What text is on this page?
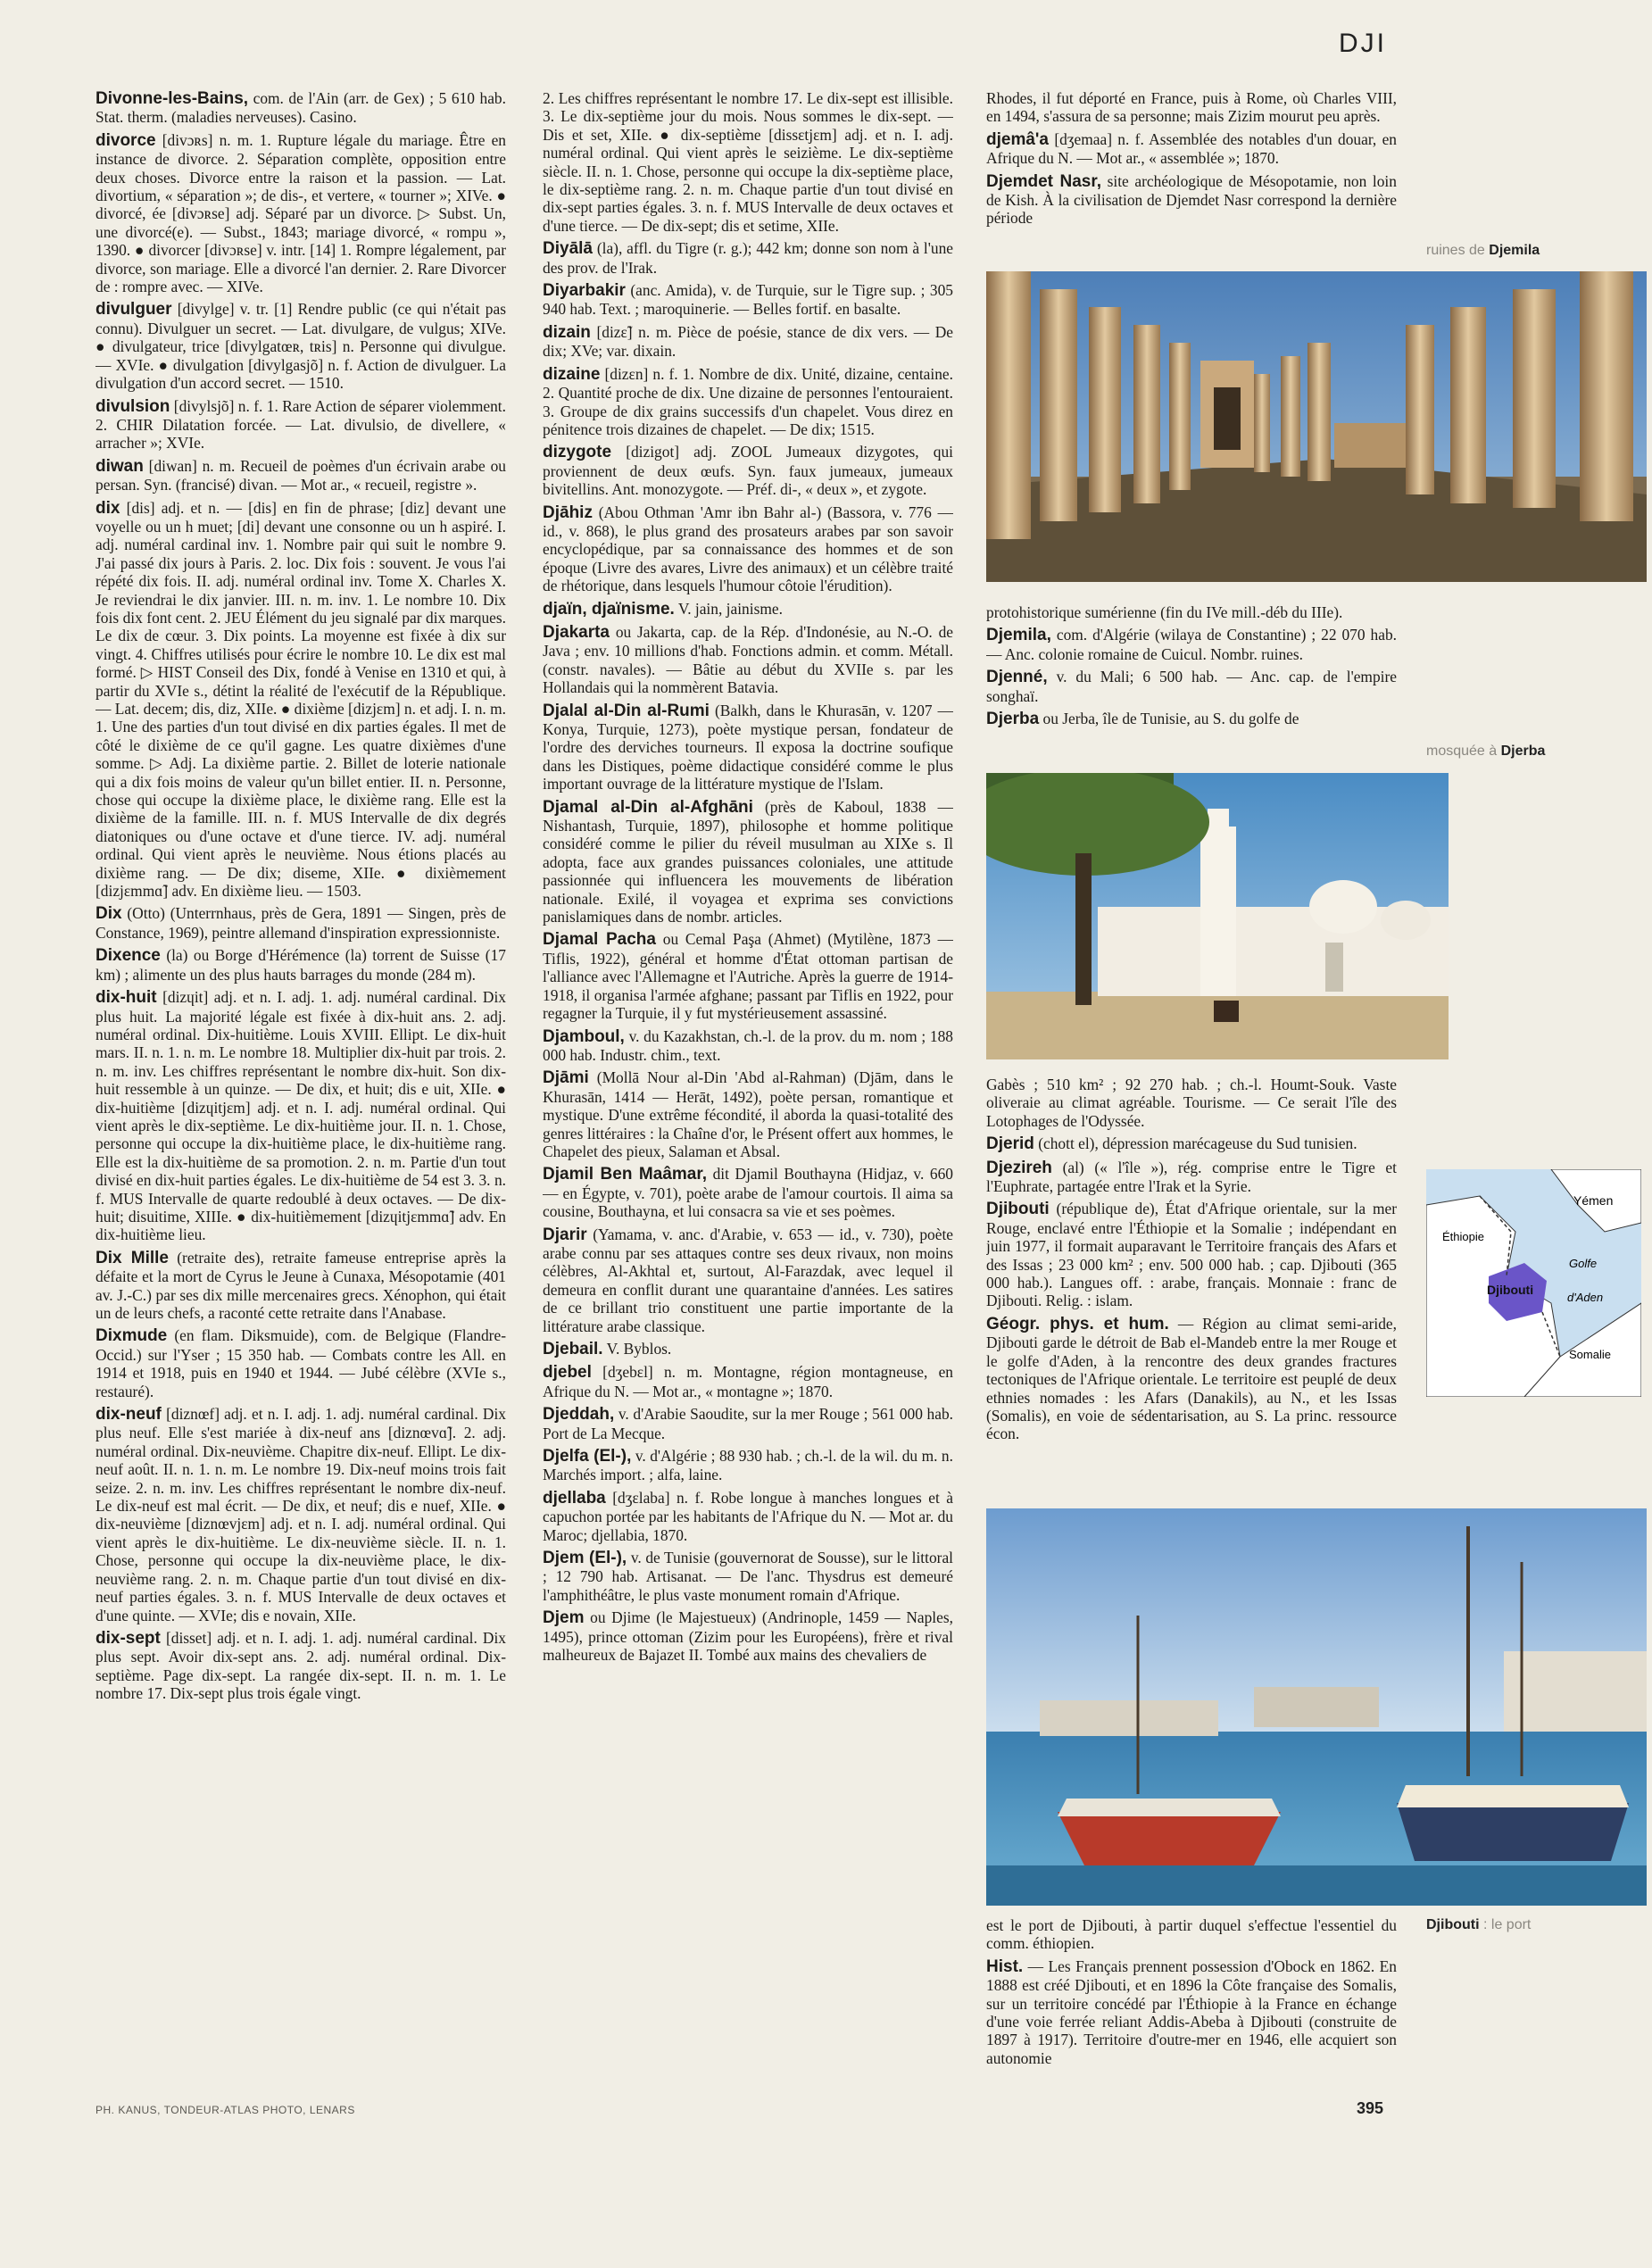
DJI

Divonne-les-Bains, com. de l'Ain (arr. de Gex) ; 5 610 hab. Stat. therm. (maladies nerveuses). Casino.

divorce [divɔʀs] n. m. 1. Rupture légale du mariage. Être en instance de divorce. 2. Séparation complète, opposition entre deux choses. Divorce entre la raison et la passion. — Lat. divortium, « séparation »; de dis-, et vertere, « tourner »; XIVe. ● divorcé, ée [divɔʀse] adj. Séparé par un divorce. ▷ Subst. Un, une divorcé(e). — Subst., 1843; mariage divorcé, « rompu », 1390. ● divorcer [divɔʀse] v. intr. [14] 1. Rompre légalement, par divorce, son mariage. Elle a divorcé l'an dernier. 2. Rare Divorcer de : rompre avec. — XIVe.

divulguer [divylge] v. tr. [1] Rendre public (ce qui n'était pas connu). Divulguer un secret. — Lat. divulgare, de vulgus; XIVe. ● divulgateur, trice [divylgatœʀ, tʀis] n. Personne qui divulgue. — XVIe. ● divulgation [divylgasjõ] n. f. Action de divulguer. La divulgation d'un accord secret. — 1510.

divulsion [divylsjõ] n. f. 1. Rare Action de séparer violemment. 2. CHIR Dilatation forcée. — Lat. divulsio, de divellere, « arracher »; XVIe.

diwan [diwan] n. m. Recueil de poèmes d'un écrivain arabe ou persan. Syn. (francisé) divan. — Mot ar., « recueil, registre ».

dix [dis] adj. et n. — [dis] en fin de phrase; [diz] devant une voyelle ou un h muet; [di] devant une consonne ou un h aspiré. I. adj. numéral cardinal inv. 1. Nombre pair qui suit le nombre 9. J'ai passé dix jours à Paris. 2. loc. Dix fois : souvent. Je vous l'ai répété dix fois. II. adj. numéral ordinal inv. Tome X. Charles X. Je reviendrai le dix janvier. III. n. m. inv. 1. Le nombre 10. Dix fois dix font cent. 2. JEU Élément du jeu signalé par dix marques. Le dix de cœur. 3. Dix points. La moyenne est fixée à dix sur vingt. 4. Chiffres utilisés pour écrire le nombre 10. Le dix est mal formé. ▷ HIST Conseil des Dix, fondé à Venise en 1310 et qui, à partir du XVIe s., détint la réalité de l'exécutif de la République. — Lat. decem; dis, diz, XIIe. ● dixième [dizjɛm] n. et adj. I. n. m. 1. Une des parties d'un tout divisé en dix parties égales. Il met de côté le dixième de ce qu'il gagne. Les quatre dixièmes d'une somme. ▷ Adj. La dixième partie. 2. Billet de loterie nationale qui a dix fois moins de valeur qu'un billet entier. II. n. Personne, chose qui occupe la dixième place, le dixième rang. Elle est la dixième de la famille. III. n. f. MUS Intervalle de dix degrés diatoniques ou d'une octave et d'une tierce. IV. adj. numéral ordinal. Qui vient après le neuvième. Nous étions placés au dixième rang. — De dix; diseme, XIIe. ● dixièmement [dizjɛmmɑ̃] adv. En dixième lieu. — 1503.

Dix (Otto) (Unterrnhaus, près de Gera, 1891 — Singen, près de Constance, 1969), peintre allemand d'inspiration expressionniste.

Dixence (la) ou Borge d'Hérémence (la) torrent de Suisse (17 km) ; alimente un des plus hauts barrages du monde (284 m).

dix-huit [dizɥit] adj. et n. I. adj. 1. adj. numéral cardinal. Dix plus huit. La majorité légale est fixée à dix-huit ans. 2. adj. numéral ordinal. Dix-huitième. Louis XVIII. Ellipt. Le dix-huit mars. II. n. 1. n. m. Le nombre 18. Multiplier dix-huit par trois. 2. n. m. inv. Les chiffres représentant le nombre dix-huit. Son dix-huit ressemble à un quinze. — De dix, et huit; dis e uit, XIIe. ● dix-huitième [dizɥitjɛm] adj. et n. I. adj. numéral ordinal. Qui vient après le dix-septième. Le dix-huitième jour. II. n. 1. Chose, personne qui occupe la dix-huitième place, le dix-huitième rang. Elle est la dix-huitième de sa promotion. 2. n. m. Partie d'un tout divisé en dix-huit parties égales. Le dix-huitième de 54 est 3. 3. n. f. MUS Intervalle de quarte redoublé à deux octaves. — De dix-huit; disuitime, XIIIe. ● dix-huitièmement [dizɥitjɛmmɑ̃] adv. En dix-huitième lieu.

Dix Mille (retraite des), retraite fameuse entreprise après la défaite et la mort de Cyrus le Jeune à Cunaxa, Mésopotamie (401 av. J.-C.) par ses dix mille mercenaires grecs. Xénophon, qui était un de leurs chefs, a raconté cette retraite dans l'Anabase.

Dixmude (en flam. Diksmuide), com. de Belgique (Flandre-Occid.) sur l'Yser ; 15 350 hab. — Combats contre les All. en 1914 et 1918, puis en 1940 et 1944. — Jubé célèbre (XVIe s., restauré).

dix-neuf [diznœf] adj. et n. I. adj. 1. adj. numéral cardinal. Dix plus neuf. Elle s'est mariée à dix-neuf ans [diznœvɑ̃]. 2. adj. numéral ordinal. Dix-neuvième. Chapitre dix-neuf. Ellipt. Le dix-neuf août. II. n. 1. n. m. Le nombre 19. Dix-neuf moins trois fait seize. 2. n. m. inv. Les chiffres représentant le nombre dix-neuf. Le dix-neuf est mal écrit. — De dix, et neuf; dis e nuef, XIIe. ● dix-neuvième [diznœvjɛm] adj. et n. I. adj. numéral ordinal. Qui vient après le dix-huitième. Le dix-neuvième siècle. II. n. 1. Chose, personne qui occupe la dix-neuvième place, le dix-neuvième rang. 2. n. m. Chaque partie d'un tout divisé en dix-neuf parties égales. 3. n. f. MUS Intervalle de deux octaves et d'une quinte. — XVIe; dis e novain, XIIe.

dix-sept [disset] adj. et n. I. adj. 1. adj. numéral cardinal. Dix plus sept. Avoir dix-sept ans. 2. adj. numéral ordinal. Dix-septième. Page dix-sept. La rangée dix-sept. II. n. m. 1. Le nombre 17. Dix-sept plus trois égale vingt.

2. Les chiffres représentant le nombre 17. Le dix-sept est illisible. 3. Le dix-septième jour du mois. Nous sommes le dix-sept. — Dis et set, XIIe. ● dix-septième [dissɛtjɛm] adj. et n. I. adj. numéral ordinal. Qui vient après le seizième. Le dix-septième siècle. II. n. 1. Chose, personne qui occupe la dix-septième place, le dix-septième rang. 2. n. m. Chaque partie d'un tout divisé en dix-sept parties égales. 3. n. f. MUS Intervalle de deux octaves et d'une tierce. — De dix-sept; dis et setime, XIIe.

Diyālā (la), affl. du Tigre (r. g.); 442 km; donne son nom à l'une des prov. de l'Irak.

Diyarbakir (anc. Amida), v. de Turquie, sur le Tigre sup. ; 305 940 hab. Text. ; maroquinerie. — Belles fortif. en basalte.

dizain [dizɛ̃] n. m. Pièce de poésie, stance de dix vers. — De dix; XVe; var. dixain.

dizaine [dizɛn] n. f. 1. Nombre de dix. Unité, dizaine, centaine. 2. Quantité proche de dix. Une dizaine de personnes l'entouraient. 3. Groupe de dix grains successifs d'un chapelet. Vous direz en pénitence trois dizaines de chapelet. — De dix; 1515.

dizygote [dizigot] adj. ZOOL Jumeaux dizygotes, qui proviennent de deux œufs. Syn. faux jumeaux, jumeaux bivitellins. Ant. monozygote. — Préf. di-, « deux », et zygote.

Djāhiz (Abou Othman 'Amr ibn Bahr al-) (Bassora, v. 776 — id., v. 868), le plus grand des prosateurs arabes par son savoir encyclopédique, par sa connaissance des hommes et de son époque (Livre des avares, Livre des animaux) et un célèbre traité de rhétorique, dans lesquels l'humour côtoie l'érudition).

djaïn, djaïnisme. V. jain, jainisme.

Djakarta ou Jakarta, cap. de la Rép. d'Indonésie, au N.-O. de Java ; env. 10 millions d'hab. Fonctions admin. et comm. Métall. (constr. navales). — Bâtie au début du XVIIe s. par les Hollandais qui la nommèrent Batavia.

Djalal al-Din al-Rumi (Balkh, dans le Khurasān, v. 1207 — Konya, Turquie, 1273), poète mystique persan, fondateur de l'ordre des derviches tourneurs. Il exposa la doctrine soufique dans les Distiques, poème didactique considéré comme le plus important ouvrage de la littérature mystique de l'Islam.

Djamal al-Din al-Afghāni (près de Kaboul, 1838 — Nishantash, Turquie, 1897), philosophe et homme politique considéré comme le pilier du réveil musulman au XIXe s. Il adopta, face aux grandes puissances coloniales, une attitude passionnée qui influencera les mouvements de libération nationale. Exilé, il voyagea et exprima ses convictions panislamiques dans de nombr. articles.

Djamal Pacha ou Cemal Paşa (Ahmet) (Mytilène, 1873 — Tiflis, 1922), général et homme d'État ottoman partisan de l'alliance avec l'Allemagne et l'Autriche. Après la guerre de 1914-1918, il organisa l'armée afghane; passant par Tiflis en 1922, pour regagner la Turquie, il y fut mystérieusement assassiné.

Djamboul, v. du Kazakhstan, ch.-l. de la prov. du m. nom ; 188 000 hab. Industr. chim., text.

Djāmi (Mollā Nour al-Din 'Abd al-Rahman) (Djām, dans le Khurasān, 1414 — Herāt, 1492), poète persan, romantique et mystique. D'une extrême fécondité, il aborda la quasi-totalité des genres littéraires : la Chaîne d'or, le Présent offert aux hommes, le Chapelet des pieux, Salaman et Absal.

Djamil Ben Maâmar, dit Djamil Bouthayna (Hidjaz, v. 660 — en Égypte, v. 701), poète arabe de l'amour courtois. Il aima sa cousine, Bouthayna, et lui consacra sa vie et ses poèmes.

Djarir (Yamama, v. anc. d'Arabie, v. 653 — id., v. 730), poète arabe connu par ses attaques contre ses deux rivaux, non moins célèbres, Al-Akhtal et, surtout, Al-Farazdak, avec lequel il demeura en conflit durant une quarantaine d'années. Les satires de ce brillant trio constituent une partie importante de la littérature arabe classique.

Djebail. V. Byblos.

djebel [dʒebɛl] n. m. Montagne, région montagneuse, en Afrique du N. — Mot ar., « montagne »; 1870.

Djeddah, v. d'Arabie Saoudite, sur la mer Rouge ; 561 000 hab. Port de La Mecque.

Djelfa (El-), v. d'Algérie ; 88 930 hab. ; ch.-l. de la wil. du m. n. Marchés import. ; alfa, laine.

djellaba [dʒɛlaba] n. f. Robe longue à manches longues et à capuchon portée par les habitants de l'Afrique du N. — Mot ar. du Maroc; djellabia, 1870.

Djem (El-), v. de Tunisie (gouvernorat de Sousse), sur le littoral ; 12 790 hab. Artisanat. — De l'anc. Thysdrus est demeuré l'amphithéâtre, le plus vaste monument romain d'Afrique.

Djem ou Djime (le Majestueux) (Andrinople, 1459 — Naples, 1495), prince ottoman (Zizim pour les Européens), frère et rival malheureux de Bajazet II. Tombé aux mains des chevaliers de

Rhodes, il fut déporté en France, puis à Rome, où Charles VIII, en 1494, s'assura de sa personne; mais Zizim mourut peu après.

djemâ'a [dʒemaa] n. f. Assemblée des notables d'un douar, en Afrique du N. — Mot ar., « assemblée »; 1870.

Djemdet Nasr, site archéologique de Mésopotamie, non loin de Kish. À la civilisation de Djemdet Nasr correspond la dernière période

ruines de Djemila

protohistorique sumérienne (fin du IVe mill.-déb du IIIe).

Djemila, com. d'Algérie (wilaya de Constantine) ; 22 070 hab. — Anc. colonie romaine de Cuicul. Nombr. ruines.

Djenné, v. du Mali; 6 500 hab. — Anc. cap. de l'empire songhaï.

Djerba ou Jerba, île de Tunisie, au S. du golfe de

mosquée à Djerba

Gabès ; 510 km² ; 92 270 hab. ; ch.-l. Houmt-Souk. Vaste oliveraie au climat agréable. Tourisme. — Ce serait l'île des Lotophages de l'Odyssée.

Djerid (chott el), dépression marécageuse du Sud tunisien.

Djezireh (al) (« l'île »), rég. comprise entre le Tigre et l'Euphrate, partagée entre l'Irak et la Syrie.

Djibouti (république de), État d'Afrique orientale, sur la mer Rouge, enclavé entre l'Éthiopie et la Somalie ; indépendant en juin 1977, il formait auparavant le Territoire français des Afars et des Issas ; 23 000 km² ; env. 500 000 hab. ; cap. Djibouti (365 000 hab.). Langues off. : arabe, français. Monnaie : franc de Djibouti. Relig. : islam.

Géogr. phys. et hum. — Région au climat semi-aride, Djibouti garde le détroit de Bab el-Mandeb entre la mer Rouge et le golfe d'Aden, à la rencontre des deux grandes fractures tectoniques de l'Afrique orientale. Le territoire est peuplé de deux ethnies nomades : les Afars (Danakils), au N., et les Issas (Somalis), en voie de sédentarisation, au S. La princ. ressource écon.

Yémen
Éthiopie
Djibouti
Golfe
d'Aden
Somalie
Djibouti : le port

est le port de Djibouti, à partir duquel s'effectue l'essentiel du comm. éthiopien.

Hist. — Les Français prennent possession d'Obock en 1862. En 1888 est créé Djibouti, et en 1896 la Côte française des Somalis, sur un territoire concédé par l'Éthiopie à la France en échange d'une voie ferrée reliant Addis-Abeba à Djibouti (construite de 1897 à 1917). Territoire d'outre-mer en 1946, elle acquiert son autonomie

PH. KANUS, TONDEUR-ATLAS PHOTO, LENARS	395
